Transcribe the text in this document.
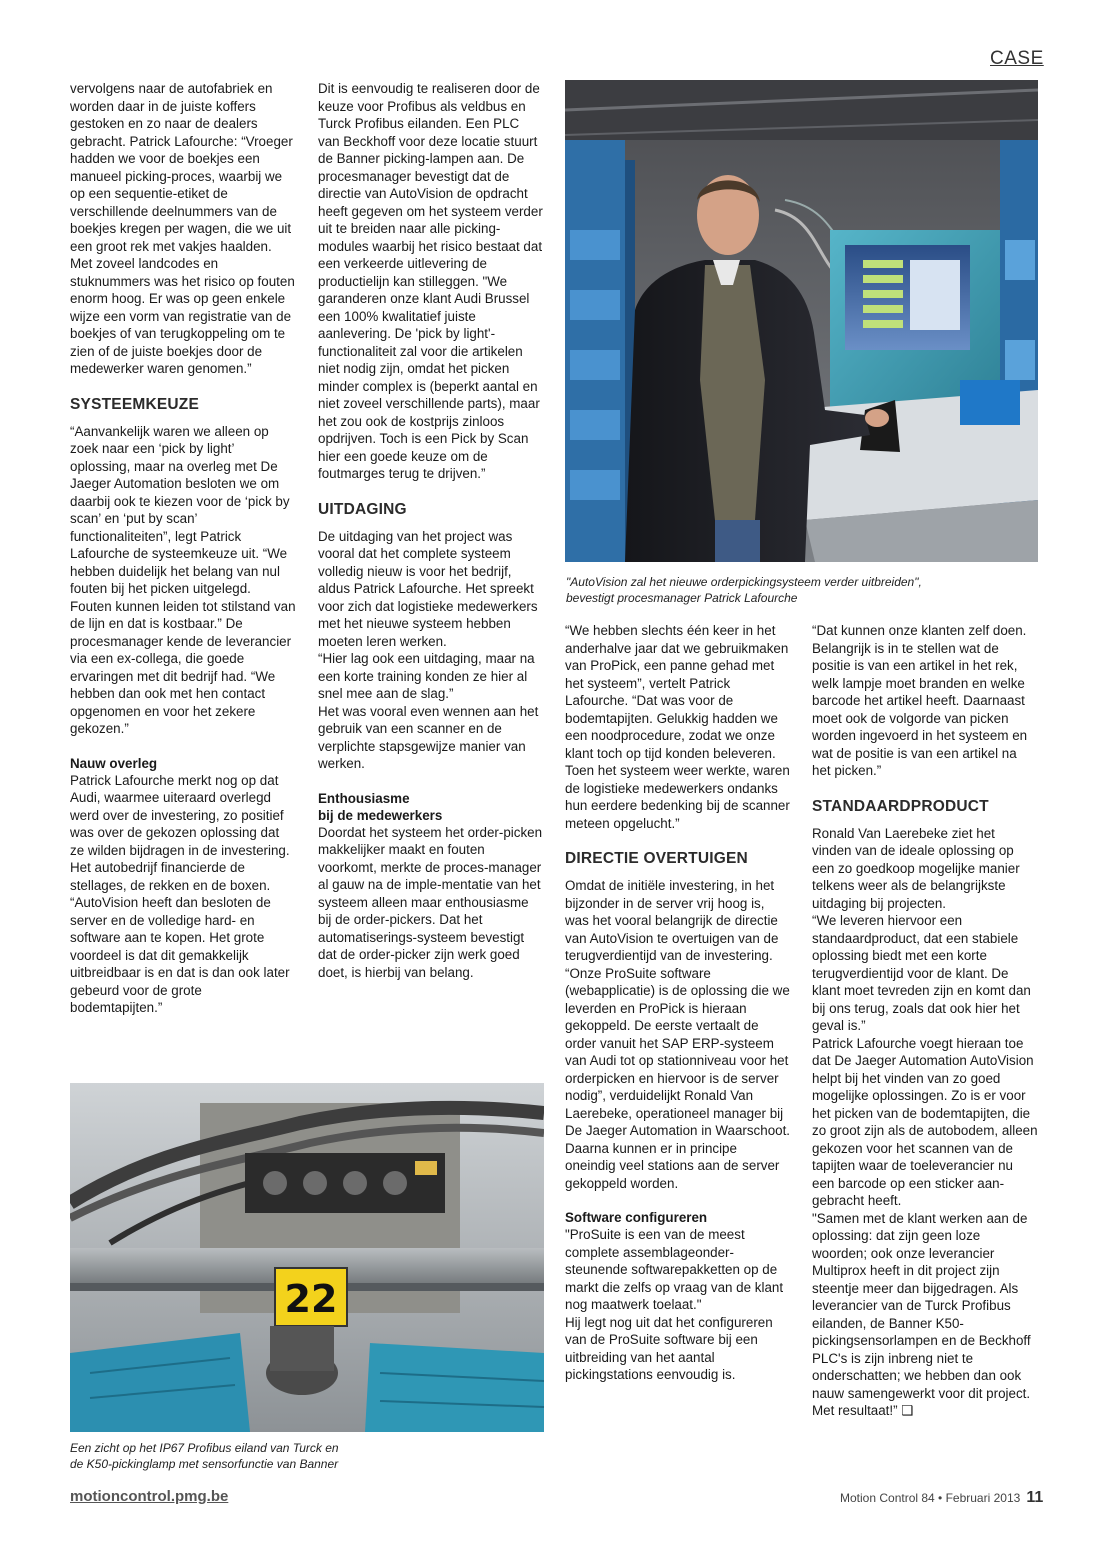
CASE

vervolgens naar de autofabriek en worden daar in de juiste koffers gestoken en zo naar de dealers gebracht. Patrick Lafourche: “Vroeger hadden we voor de boekjes een manueel picking-proces, waarbij we op een sequentie-etiket de verschillende deelnummers van de boekjes kregen per wagen, die we uit een groot rek met vakjes haalden. Met zoveel landcodes en stuknummers was het risico op fouten enorm hoog. Er was op geen enkele wijze een vorm van registratie van de boekjes of van terugkoppeling om te zien of de juiste boekjes door de medewerker waren genomen.”

SYSTEEMKEUZE

“Aanvankelijk waren we alleen op zoek naar een ‘pick by light’ oplossing, maar na overleg met De Jaeger Automation besloten we om daarbij ook te kiezen voor de ‘pick by scan’ en ‘put by scan’ functionaliteiten”, legt Patrick Lafourche de systeemkeuze uit. “We hebben duidelijk het belang van nul fouten bij het picken uitgelegd. Fouten kunnen leiden tot stilstand van de lijn en dat is kostbaar.” De procesmanager kende de leverancier via een ex-collega, die goede ervaringen met dit bedrijf had. “We hebben dan ook met hen contact opgenomen en voor het zekere gekozen.”

Nauw overleg

Patrick Lafourche merkt nog op dat Audi, waarmee uiteraard overlegd werd over de investering, zo positief was over de gekozen oplossing dat ze wilden bijdragen in de investering. Het autobedrijf financierde de stellages, de rekken en de boxen. “AutoVision heeft dan besloten de server en de volledige hard- en software aan te kopen. Het grote voordeel is dat dit gemakkelijk uitbreidbaar is en dat is dan ook later gebeurd voor de grote bodemtapijten.”

Dit is eenvoudig te realiseren door de keuze voor Profibus als veldbus en Turck Profibus eilanden. Een PLC van Beckhoff voor deze locatie stuurt de Banner picking-lampen aan. De procesmanager bevestigt dat de directie van AutoVision de opdracht heeft gegeven om het systeem verder uit te breiden naar alle picking-modules waarbij het risico bestaat dat een verkeerde uitlevering de productielijn kan stilleggen. "We garanderen onze klant Audi Brussel een 100% kwalitatief juiste aanlevering. De 'pick by light'-functionaliteit zal voor die artikelen niet nodig zijn, omdat het picken minder complex is (beperkt aantal en niet zoveel verschillende parts), maar het zou ook de kostprijs zinloos opdrijven. Toch is een Pick by Scan hier een goede keuze om de foutmarges terug te drijven.”

UITDAGING

De uitdaging van het project was vooral dat het complete systeem volledig nieuw is voor het bedrijf, aldus Patrick Lafourche. Het spreekt voor zich dat logistieke medewerkers met het nieuwe systeem hebben moeten leren werken.

“Hier lag ook een uitdaging, maar na een korte training konden ze hier al snel mee aan de slag.”

Het was vooral even wennen aan het gebruik van een scanner en de verplichte stapsgewijze manier van werken.

Enthousiasme
bij de medewerkers

Doordat het systeem het order-picken makkelijker maakt en fouten voorkomt, merkte de proces-manager al gauw na de imple-mentatie van het systeem alleen maar enthousiasme bij de order-pickers. Dat het automatiserings-systeem bevestigt dat de order-picker zijn werk goed doet, is hierbij van belang.

"AutoVision zal het nieuwe orderpickingsysteem verder uitbreiden",
bevestigt procesmanager Patrick Lafourche

“We hebben slechts één keer in het anderhalve jaar dat we gebruikmaken van ProPick, een panne gehad met het systeem”, vertelt Patrick Lafourche. “Dat was voor de bodemtapijten. Gelukkig hadden we een noodprocedure, zodat we onze klant toch op tijd konden beleveren. Toen het systeem weer werkte, waren de logistieke medewerkers ondanks hun eerdere bedenking bij de scanner meteen opgelucht.”

DIRECTIE OVERTUIGEN

Omdat de initiële investering, in het bijzonder in de server vrij hoog is, was het vooral belangrijk de directie van AutoVision te overtuigen van de terugverdientijd van de investering.

“Onze ProSuite software (webapplicatie) is de oplossing die we leverden en ProPick is hieraan gekoppeld. De eerste vertaalt de order vanuit het SAP ERP-systeem van Audi tot op stationniveau voor het orderpicken en hiervoor is de server nodig”, verduidelijkt Ronald Van Laerebeke, operationeel manager bij De Jaeger Automation in Waarschoot. Daarna kunnen er in principe oneindig veel stations aan de server gekoppeld worden.

Software configureren

"ProSuite is een van de meest complete assemblageonder-steunende softwarepakketten op de markt die zelfs op vraag van de klant nog maatwerk toelaat."

Hij legt nog uit dat het configureren van de ProSuite software bij een uitbreiding van het aantal pickingstations eenvoudig is.

“Dat kunnen onze klanten zelf doen. Belangrijk is in te stellen wat de positie is van een artikel in het rek, welk lampje moet branden en welke barcode het artikel heeft. Daarnaast moet ook de volgorde van picken worden ingevoerd in het systeem en wat de positie is van een artikel na het picken.”

STANDAARDPRODUCT

Ronald Van Laerebeke ziet het vinden van de ideale oplossing op een zo goedkoop mogelijke manier telkens weer als de belangrijkste uitdaging bij projecten.

“We leveren hiervoor een standaardproduct, dat een stabiele oplossing biedt met een korte terugverdientijd voor de klant. De klant moet tevreden zijn en komt dan bij ons terug, zoals dat ook hier het geval is.”

Patrick Lafourche voegt hieraan toe dat De Jaeger Automation AutoVision helpt bij het vinden van zo goed mogelijke oplossingen. Zo is er voor het picken van de bodemtapijten, die zo groot zijn als de autobodem, alleen gekozen voor het scannen van de tapijten waar de toeleverancier nu een barcode op een sticker aan-gebracht heeft.

"Samen met de klant werken aan de oplossing: dat zijn geen loze woorden; ook onze leverancier Multiprox heeft in dit project zijn steentje meer dan bijgedragen. Als leverancier van de Turck Profibus eilanden, de Banner K50-pickingsensorlampen en de Beckhoff PLC's is zijn inbreng niet te onderschatten; we hebben dan ook nauw samengewerkt voor dit project. Met resultaat!” ❑

22
Een zicht op het IP67 Profibus eiland van Turck en
de K50-pickinglamp met sensorfunctie van Banner
motioncontrol.pmg.be	Motion Control 84 • Februari 2013 11
